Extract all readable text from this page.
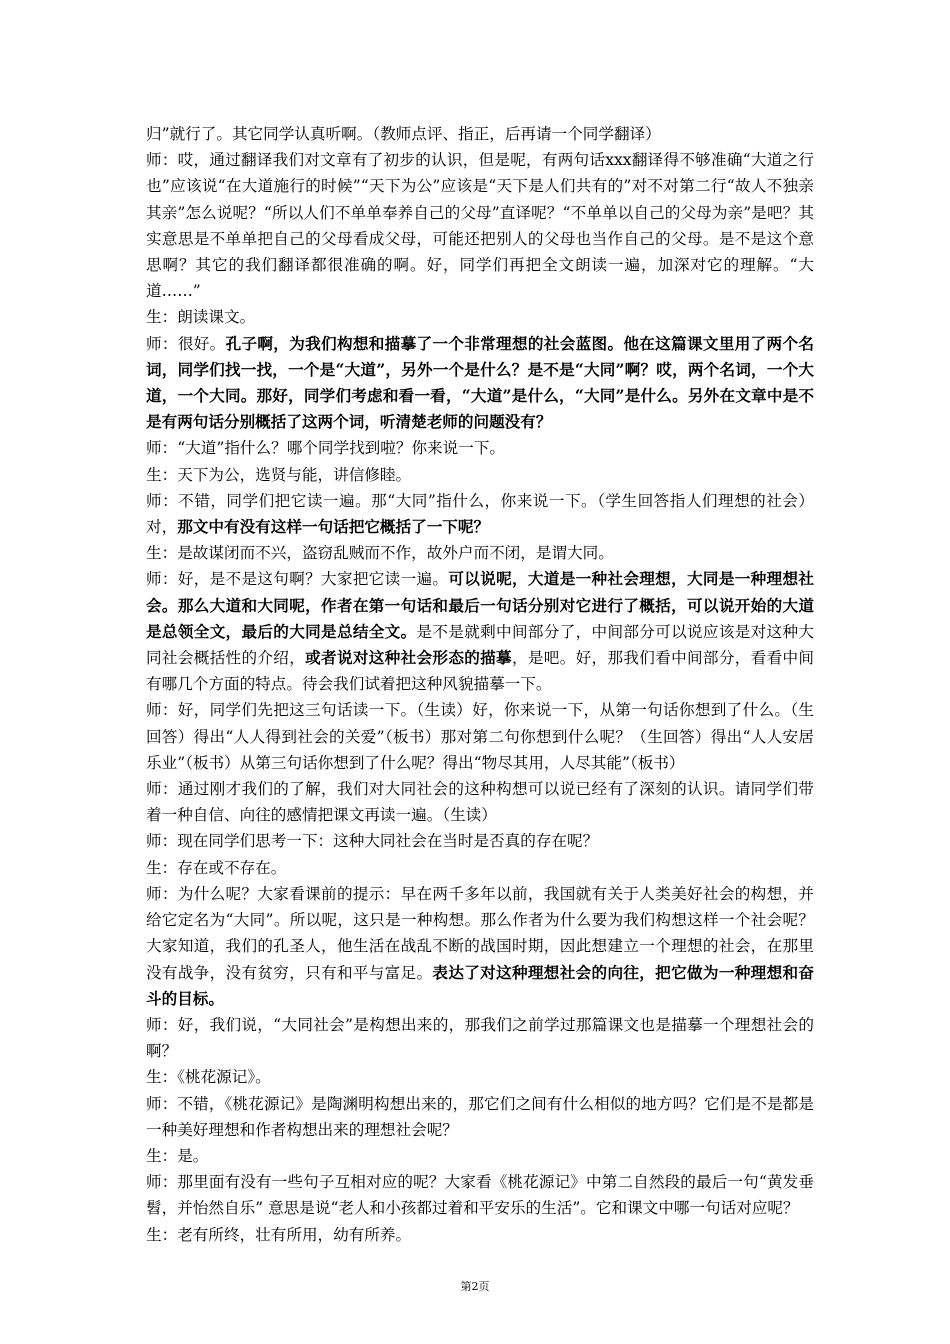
归”就行了。其它同学认真听啊。（教师点评、指正，后再请一个同学翻译）

师：哎，通过翻译我们对文章有了初步的认识，但是呢，有两句话xxx翻译得不够准确“大道之行也”应该说“在大道施行的时候”“天下为公”应该是“天下是人们共有的”对不对第二行“故人不独亲其亲”怎么说呢？“所以人们不单单奉养自己的父母”直译呢？“不单单以自己的父母为亲”是吧？其实意思是不单单把自己的父母看成父母，可能还把别人的父母也当作自己的父母。是不是这个意思啊？其它的我们翻译都很准确的啊。好，同学们再把全文朗读一遍，加深对它的理解。“大道……”

生：朗读课文。

师：很好。孔子啊，为我们构想和描摹了一个非常理想的社会蓝图。他在这篇课文里用了两个名词，同学们找一找，一个是“大道”，另外一个是什么？是不是“大同”啊？哎，两个名词，一个大道，一个大同。那好，同学们考虑和看一看，“大道”是什么，“大同”是什么。另外在文章中是不是有两句话分别概括了这两个词，听清楚老师的问题没有？

师：“大道”指什么？哪个同学找到啦？你来说一下。

生：天下为公，选贤与能，讲信修睦。

师：不错，同学们把它读一遍。那“大同”指什么，你来说一下。（学生回答指人们理想的社会）对，那文中有没有这样一句话把它概括了一下呢？

生：是故谋闭而不兴，盗窃乱贼而不作，故外户而不闭，是谓大同。

师：好，是不是这句啊？大家把它读一遍。可以说呢，大道是一种社会理想，大同是一种理想社会。那么大道和大同呢，作者在第一句话和最后一句话分别对它进行了概括，可以说开始的大道是总领全文，最后的大同是总结全文。是不是就剩中间部分了，中间部分可以说应该是对这种大同社会概括性的介绍，或者说对这种社会形态的描摹，是吧。好，那我们看中间部分，看看中间有哪几个方面的特点。待会我们试着把这种风貌描摹一下。

师：好，同学们先把这三句话读一下。（生读）好，你来说一下，从第一句话你想到了什么。（生回答）得出“人人得到社会的关爱”（板书）那对第二句你想到什么呢？（生回答）得出“人人安居乐业”（板书）从第三句话你想到了什么呢？得出“物尽其用，人尽其能”（板书）

师：通过刚才我们的了解，我们对大同社会的这种构想可以说已经有了深刻的认识。请同学们带着一种自信、向往的感情把课文再读一遍。（生读）

师：现在同学们思考一下：这种大同社会在当时是否真的存在呢？

生：存在或不存在。

师：为什么呢？大家看课前的提示：早在两千多年以前，我国就有关于人类美好社会的构想，并给它定名为“大同”。所以呢，这只是一种构想。那么作者为什么要为我们构想这样一个社会呢？大家知道，我们的孔圣人，他生活在战乱不断的战国时期，因此想建立一个理想的社会，在那里没有战争，没有贫穷，只有和平与富足。表达了对这种理想社会的向往，把它做为一种理想和奋斗的目标。

师：好，我们说，“大同社会”是构想出来的，那我们之前学过那篇课文也是描摹一个理想社会的啊？

生：《桃花源记》。

师：不错，《桃花源记》是陶渊明构想出来的，那它们之间有什么相似的地方吗？它们是不是都是一种美好理想和作者构想出来的理想社会呢？

生：是。

师：那里面有没有一些句子互相对应的呢？大家看《桃花源记》中第二自然段的最后一句“黄发垂髫，并怡然自乐” 意思是说“老人和小孩都过着和平安乐的生活”。它和课文中哪一句话对应呢？

生：老有所终，壮有所用，幼有所养。

第2页
